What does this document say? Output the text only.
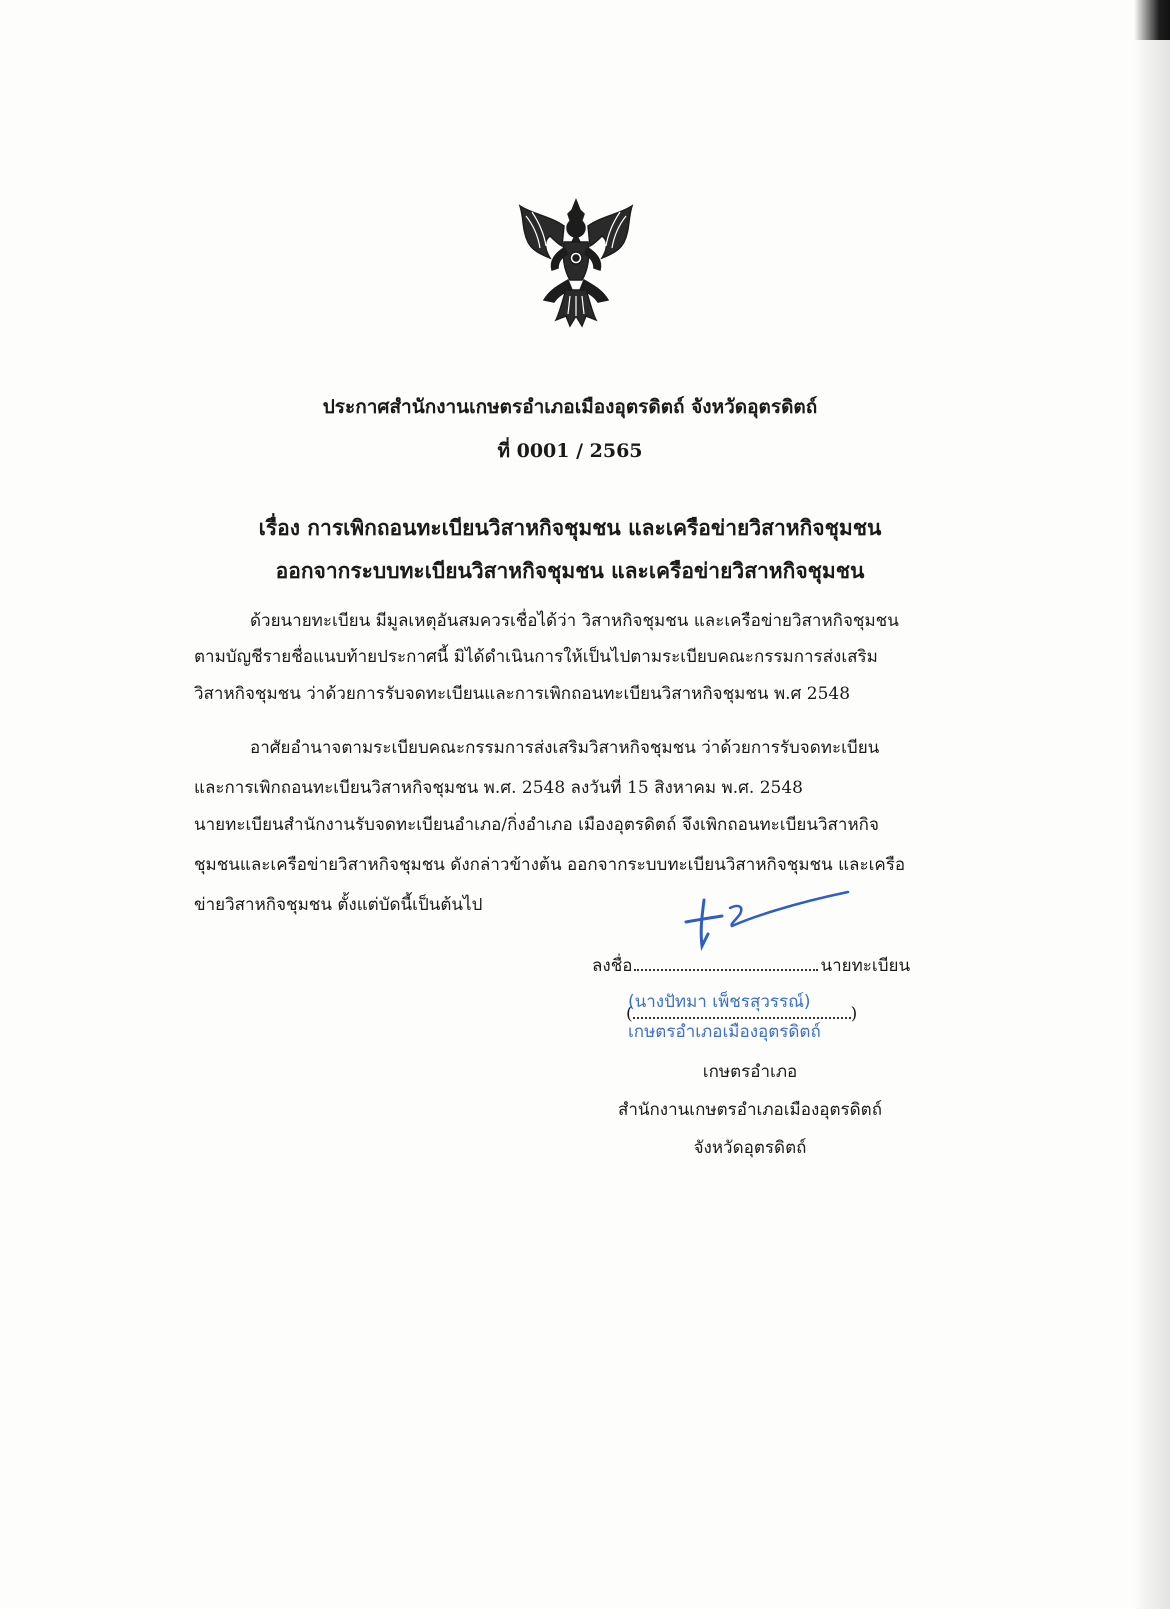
ประกาศสำนักงานเกษตรอำเภอเมืองอุตรดิตถ์ จังหวัดอุตรดิตถ์
ที่ 0001 / 2565
เรื่อง การเพิกถอนทะเบียนวิสาหกิจชุมชน และเครือข่ายวิสาหกิจชุมชน
ออกจากระบบทะเบียนวิสาหกิจชุมชน และเครือข่ายวิสาหกิจชุมชน
ด้วยนายทะเบียน มีมูลเหตุอันสมควรเชื่อได้ว่า วิสาหกิจชุมชน และเครือข่ายวิสาหกิจชุมชน
ตามบัญชีรายชื่อแนบท้ายประกาศนี้ มิได้ดำเนินการให้เป็นไปตามระเบียบคณะกรรมการส่งเสริม
วิสาหกิจชุมชน ว่าด้วยการรับจดทะเบียนและการเพิกถอนทะเบียนวิสาหกิจชุมชน พ.ศ 2548
อาศัยอำนาจตามระเบียบคณะกรรมการส่งเสริมวิสาหกิจชุมชน ว่าด้วยการรับจดทะเบียน
และการเพิกถอนทะเบียนวิสาหกิจชุมชน พ.ศ. 2548 ลงวันที่ 15 สิงหาคม พ.ศ. 2548
นายทะเบียนสำนักงานรับจดทะเบียนอำเภอ/กิ่งอำเภอ เมืองอุตรดิตถ์ จึงเพิกถอนทะเบียนวิสาหกิจ
ชุมชนและเครือข่ายวิสาหกิจชุมชน ดังกล่าวข้างต้น ออกจากระบบทะเบียนวิสาหกิจชุมชน และเครือ
ข่ายวิสาหกิจชุมชน ตั้งแต่บัดนี้เป็นต้นไป
ลงชื่อ	นายทะเบียน
(นางปัทมา เพ็ชรสุวรรณ์)
(	)
เกษตรอำเภอเมืองอุตรดิตถ์
เกษตรอำเภอ
สำนักงานเกษตรอำเภอเมืองอุตรดิตถ์
จังหวัดอุตรดิตถ์
